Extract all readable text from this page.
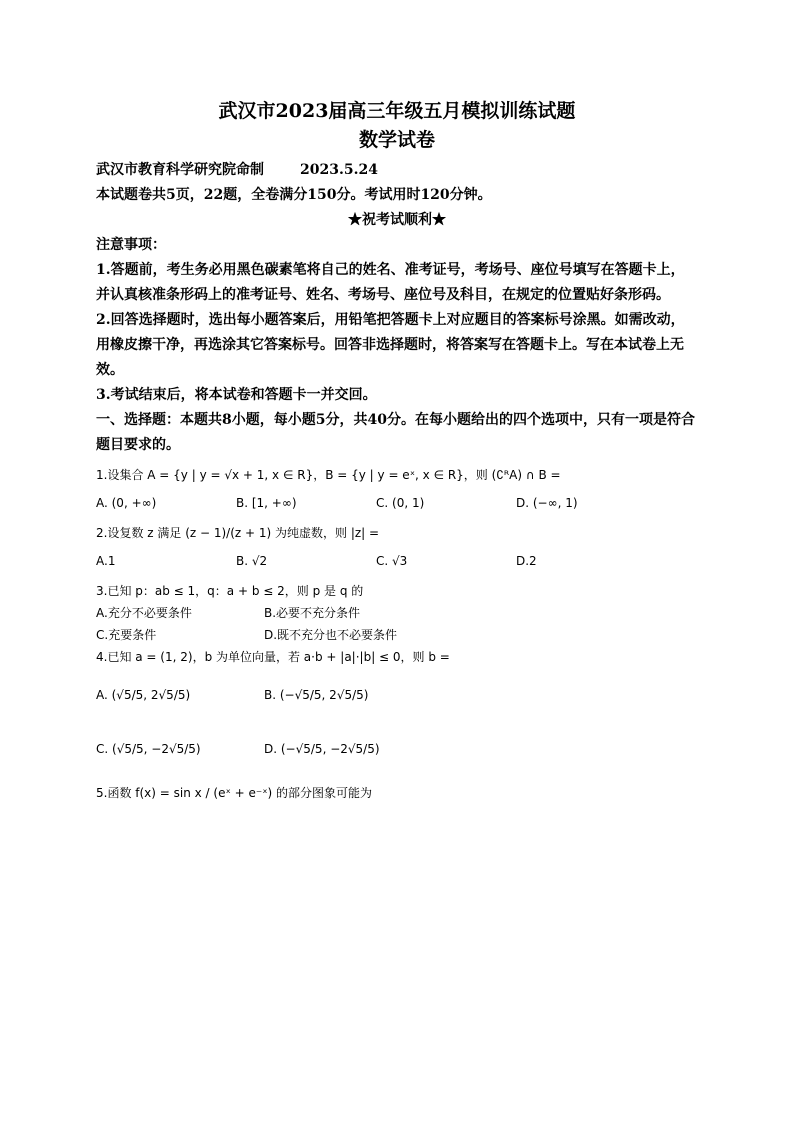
武汉市2023届高三年级五月模拟训练试题
数学试卷
武汉市教育科学研究院命制	2023.5.24
本试题卷共5页，22题，全卷满分150分。考试用时120分钟。
★祝考试顺利★
注意事项：
1.答题前，考生务必用黑色碳素笔将自己的姓名、准考证号，考场号、座位号填写在答题卡上，并认真核准条形码上的准考证号、姓名、考场号、座位号及科目，在规定的位置贴好条形码。
2.回答选择题时，选出每小题答案后，用铅笔把答题卡上对应题目的答案标号涂黑。如需改动，用橡皮擦干净，再选涂其它答案标号。回答非选择题时，将答案写在答题卡上。写在本试卷上无效。
3.考试结束后，将本试卷和答题卡一并交回。
一、选择题：本题共8小题，每小题5分，共40分。在每小题给出的四个选项中，只有一项是符合题目要求的。
1.设集合 A = {y | y = √x + 1, x ∈ R}，B = {y | y = eˣ, x ∈ R}，则 (∁ᴿA) ∩ B =
A. (0, +∞)	B. [1, +∞)	C. (0, 1)	D. (−∞, 1)
2.设复数 z 满足 (z − 1)/(z + 1) 为纯虚数，则 |z| =
A.1	B. √2	C. √3	D.2
3.已知 p：ab ≤ 1，q：a + b ≤ 2，则 p 是 q 的
A.充分不必要条件	B.必要不充分条件
C.充要条件	D.既不充分也不必要条件
4.已知 a = (1, 2)，b 为单位向量，若 a·b + |a|·|b| ≤ 0，则 b =
A. (√5/5, 2√5/5)	B. (−√5/5, 2√5/5)
C. (√5/5, −2√5/5)	D. (−√5/5, −2√5/5)
5.函数 f(x) = sin x / (eˣ + e⁻ˣ) 的部分图象可能为
